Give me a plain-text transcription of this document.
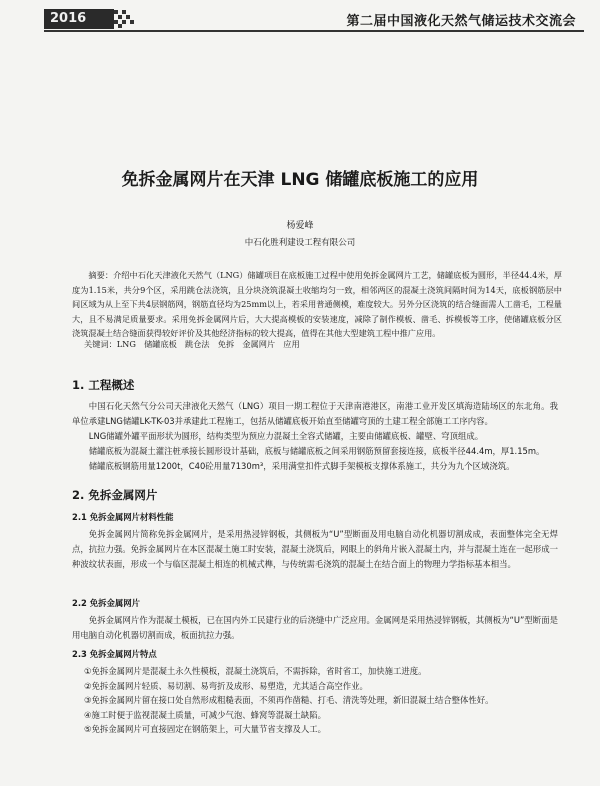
2016	第二届中国液化天然气储运技术交流会
免拆金属网片在天津 LNG 储罐底板施工的应用
杨爱峰
中石化胜利建设工程有限公司
摘要：介绍中石化天津液化天然气（LNG）储罐项目在底板施工过程中使用免拆金属网片工艺，储罐底板为圆形，半径44.4米，厚度为1.15米，共分9个区，采用跳仓法浇筑，且分块浇筑混凝土收缩均匀一致，相邻两区的混凝土浇筑间隔时间为14天，底板钢筋层中间区域为从上至下共4层钢筋网，钢筋直径均为25mm以上，若采用普通侧模，难度较大。另外分区浇筑的结合缝面需人工凿毛，工程量大，且不易满足质量要求。采用免拆金属网片后，大大提高模板的安装速度，减除了制作模板、凿毛、拆模板等工序，使储罐底板分区浇筑混凝土结合缝面获得较好评价及其他经济指标的较大提高，值得在其他大型建筑工程中推广应用。
关键词：LNG　储罐底板　跳仓法　免拆　金属网片　应用
1. 工程概述
中国石化天然气分公司天津液化天然气（LNG）项目一期工程位于天津南港港区，南港工业开发区填海造陆场区的东北角。我单位承建LNG储罐LK-TK-03并承建此工程施工，包括从储罐底板开始直至储罐穹顶的土建工程全部施工工序内容。
LNG储罐外罐平面形状为圆形，结构类型为预应力混凝土全容式储罐，主要由储罐底板、罐壁、穹顶组成。
储罐底板为混凝土灌注桩承接长圆形设计基础，底板与储罐底板之间采用钢筋预留套接连接，底板半径44.4m，厚1.15m。
储罐底板钢筋用量1200t，C40砼用量7130m³，采用满堂扣件式脚手架模板支撑体系施工，共分为九个区域浇筑。
2. 免拆金属网片
2.1 免拆金属网片材料性能
免拆金属网片简称免拆金属网片，是采用热浸锌钢板，其侧板为“U”型断面及用电脑自动化机器切割成成，表面整体完全无焊点，抗拉力强。免拆金属网片在本区混凝土施工时安装，混凝土浇筑后，网眼上的斜角片嵌入混凝土内，并与混凝土连在一起形成一种波纹状表面，形成一个与临区混凝土相连的机械式榫，与传统需毛浇筑的混凝土在结合面上的物理力学指标基本相当。
2.2 免拆金属网片
免拆金属网片作为混凝土模板，已在国内外工民建行业的后浇缝中广泛应用。金属网是采用热浸锌钢板，其侧板为“U”型断面是用电脑自动化机器切割而成，板面抗拉力强。
2.3 免拆金属网片特点
①免拆金属网片是混凝土永久性模板，混凝土浇筑后，不需拆除，省时省工，加快施工进度。
②免拆金属网片轻质、易切割、易弯折及成形、易塑造，尤其适合高空作业。
③免拆金属网片留在接口处自然形成粗糙表面，不须再作凿糙、打毛、清洗等处理，新旧混凝土结合整体性好。
④施工时便于监视混凝土质量，可减少气泡、蜂窝等混凝土缺陷。
⑤免拆金属网片可直接固定在钢筋架上，可大量节省支撑及人工。
